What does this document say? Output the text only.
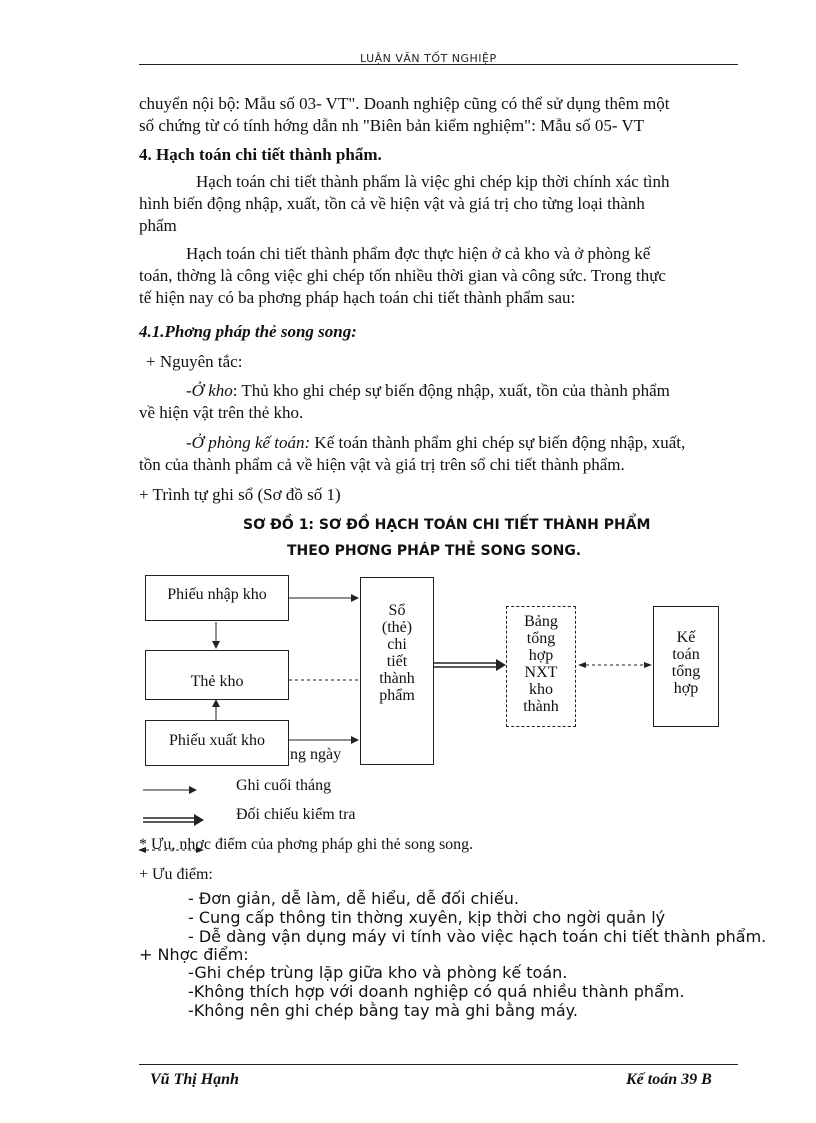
LUẬN VĂN TỐT NGHIỆP
chuyển nội bộ: Mẫu số 03- VT". Doanh nghiệp cũng có thể sử dụng thêm một
số chứng từ có tính hớng dẫn nh "Biên bản kiểm nghiệm": Mẫu số 05- VT
4. Hạch toán chi tiết thành phẩm.
Hạch toán chi tiết thành phẩm là việc ghi chép kịp thời chính xác tình
hình biến động nhập, xuất, tồn cả về hiện vật và giá trị cho từng loại thành
phẩm
Hạch toán chi tiết thành phẩm đợc thực hiện ở cả kho và ở phòng kế
toán, thờng là công việc ghi chép tốn nhiều thời gian và công sức. Trong thực
tế hiện nay có ba phơng pháp hạch toán chi tiết thành phẩm sau:
4.1.Phơng pháp thẻ song song:
+ Nguyên tắc:
-Ở kho: Thủ kho ghi chép sự biến động nhập, xuất, tồn của thành phẩm
về hiện vật trên thẻ kho.
-Ở phòng kế toán: Kế toán thành phẩm ghi chép sự biến động nhập, xuất,
tồn của thành phẩm cả về hiện vật và giá trị trên sổ chi tiết thành phẩm.
+ Trình tự ghi sổ (Sơ đồ số 1)
SƠ ĐỒ 1: SƠ ĐỒ HẠCH TOÁN CHI TIẾT THÀNH PHẨM
THEO PHƠNG PHÁP THẺ SONG SONG.
Phiếu nhập kho
Thẻ kho
Phiếu xuất kho
Sổ
(thẻ)
chi
tiết
thành
phẩm
Bảng
tổng
hợp
NXT
kho
thành
Kế
toán
tổng
hợp
ng ngày
Ghi cuối tháng
Đối chiếu kiểm tra
* Ưu, nhợc điểm của phơng pháp ghi thẻ song song.
+ Ưu điểm:
- Đơn giản, dễ làm, dễ hiểu, dễ đối chiếu.
- Cung cấp thông tin thờng xuyên, kịp thời cho ngời quản lý
- Dễ dàng vận dụng máy vi tính vào việc hạch toán chi tiết thành phẩm.
+ Nhợc điểm:
-Ghi chép trùng lặp giữa kho và phòng kế toán.
-Không thích hợp với doanh nghiệp có quá nhiều thành phẩm.
-Không nên ghi chép bằng tay mà ghi bằng máy.
Vũ Thị Hạnh	Kế toán 39 B
